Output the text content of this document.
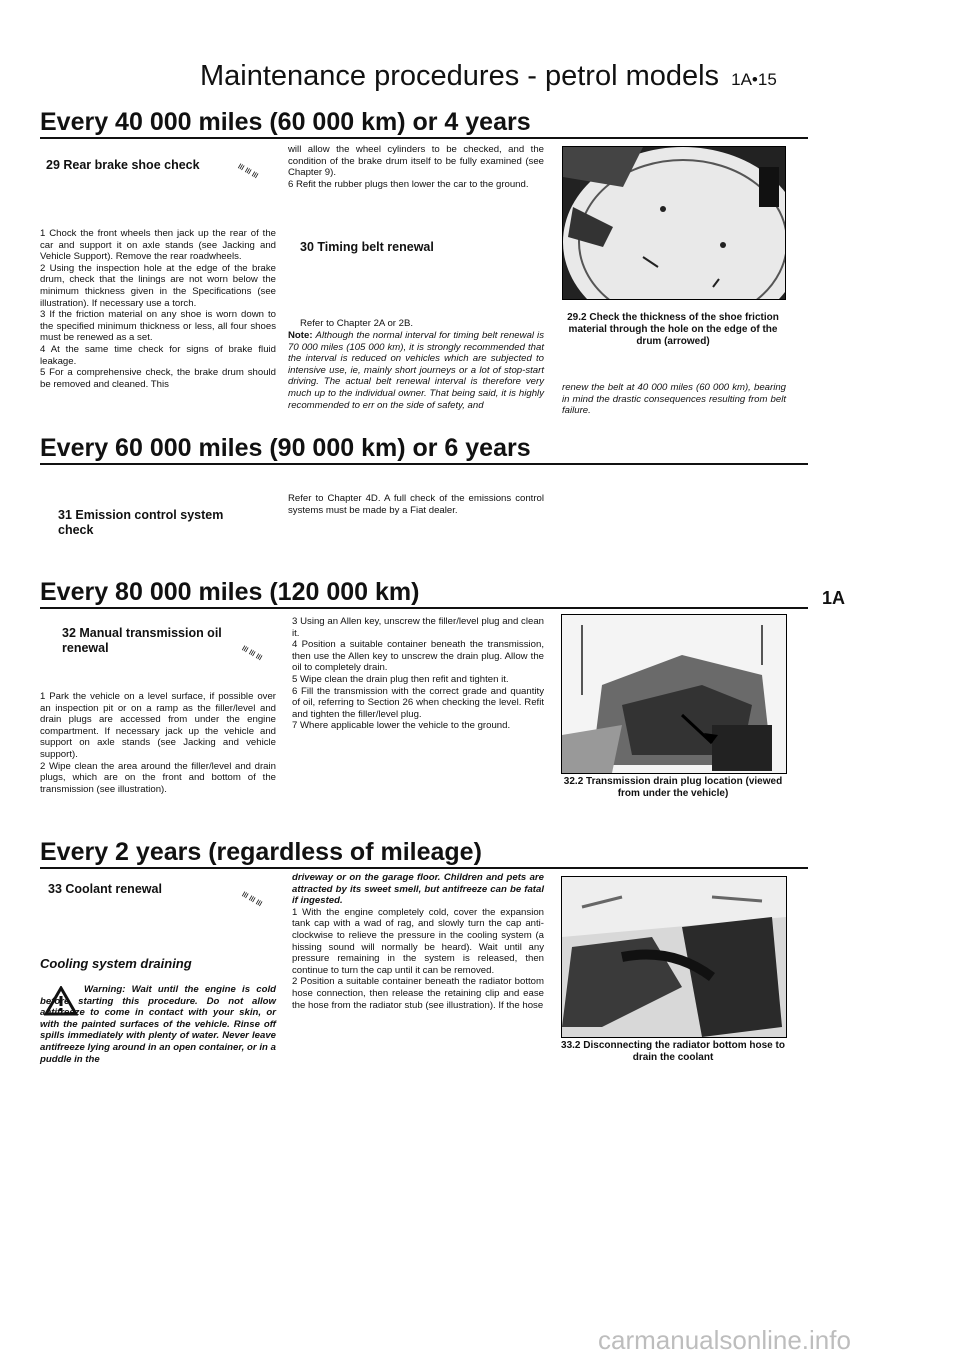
Maintenance procedures - petrol models 1A•15
Every 40 000 miles (60 000 km) or 4 years
29 Rear brake shoe check	≡
≡
≡

1 Chock the front wheels then jack up the rear of the car and support it on axle stands (see Jacking and Vehicle Support). Remove the rear roadwheels.

2 Using the inspection hole at the edge of the brake drum, check that the linings are not worn below the minimum thickness given in the Specifications (see illustration). If necessary use a torch.

3 If the friction material on any shoe is worn down to the specified minimum thickness or less, all four shoes must be renewed as a set.

4 At the same time check for signs of brake fluid leakage.

5 For a comprehensive check, the brake drum should be removed and cleaned. This

will allow the wheel cylinders to be checked, and the condition of the brake drum itself to be fully examined (see Chapter 9).

6 Refit the rubber plugs then lower the car to the ground.

30 Timing belt renewal
Refer to Chapter 2A or 2B.

Note: Although the normal interval for timing belt renewal is 70 000 miles (105 000 km), it is strongly recommended that the interval is reduced on vehicles which are subjected to intensive use, ie, mainly short journeys or a lot of stop-start driving. The actual belt renewal interval is therefore very much up to the individual owner. That being said, it is highly recommended to err on the side of safety, and

29.2 Check the thickness of the shoe friction material through the hole on the edge of the drum (arrowed)
renew the belt at 40 000 miles (60 000 km), bearing in mind the drastic consequences resulting from belt failure.
Every 60 000 miles (90 000 km) or 6 years
31 Emission control system check
Refer to Chapter 4D. A full check of the emissions control systems must be made by a Fiat dealer.
Every 80 000 miles (120 000 km)	1A
32 Manual transmission oil renewal	≡
≡
≡

1 Park the vehicle on a level surface, if possible over an inspection pit or on a ramp as the filler/level and drain plugs are accessed from under the engine compartment. If necessary jack up the vehicle and support on axle stands (see Jacking and vehicle support).

2 Wipe clean the area around the filler/level and drain plugs, which are on the front and bottom of the transmission (see illustration).

3 Using an Allen key, unscrew the filler/level plug and clean it.

4 Position a suitable container beneath the transmission, then use the Allen key to unscrew the drain plug. Allow the oil to completely drain.

5 Wipe clean the drain plug then refit and tighten it.

6 Fill the transmission with the correct grade and quantity of oil, referring to Section 26 when checking the level. Refit and tighten the filler/level plug.

7 Where applicable lower the vehicle to the ground.

32.2 Transmission drain plug location (viewed from under the vehicle)
Every 2 years (regardless of mileage)
33 Coolant renewal	≡
≡
≡
Cooling system draining
Warning: Wait until the engine is cold before starting this procedure. Do not allow antifreeze to come in contact with your skin, or with the painted surfaces of the vehicle. Rinse off spills immediately with plenty of water. Never leave antifreeze lying around in an open container, or in a puddle in the

driveway or on the garage floor. Children and pets are attracted by its sweet smell, but antifreeze can be fatal if ingested.

1 With the engine completely cold, cover the expansion tank cap with a wad of rag, and slowly turn the cap anti-clockwise to relieve the pressure in the cooling system (a hissing sound will normally be heard). Wait until any pressure remaining in the system is released, then continue to turn the cap until it can be removed.

2 Position a suitable container beneath the radiator bottom hose connection, then release the retaining clip and ease the hose from the radiator stub (see illustration). If the hose

33.2 Disconnecting the radiator bottom hose to drain the coolant
carmanualsonline.info
